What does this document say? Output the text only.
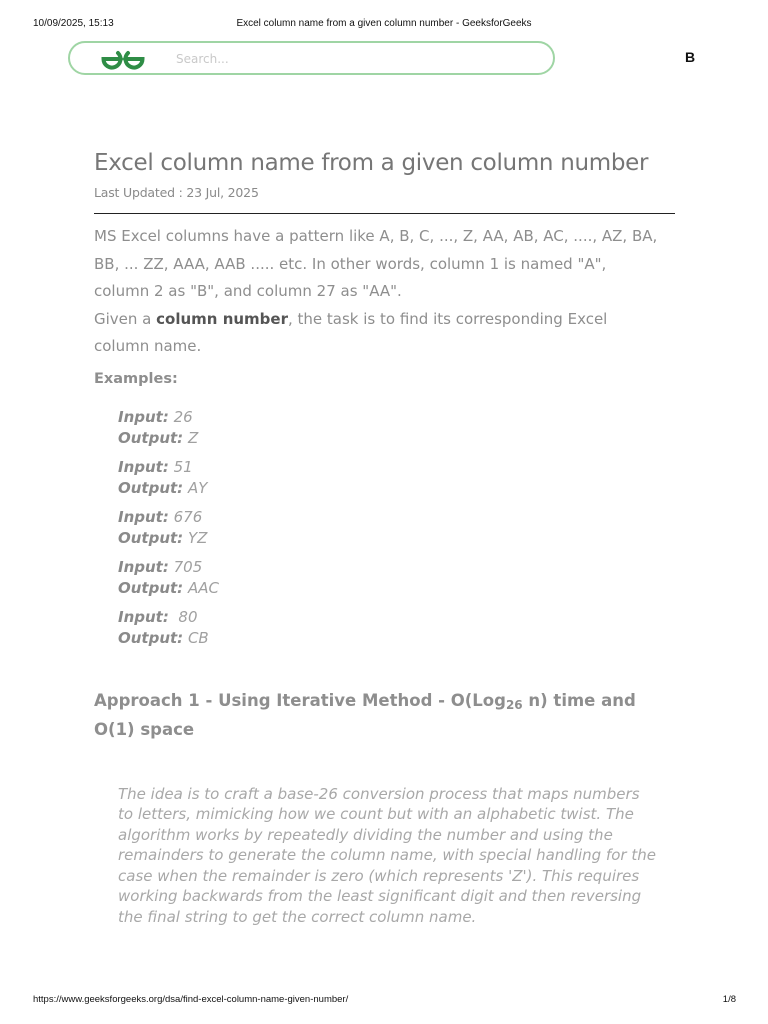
10/09/2025, 15:13	Excel column name from a given column number - GeeksforGeeks
Search...	B
Excel column name from a given column number
Last Updated : 23 Jul, 2025
MS Excel columns have a pattern like A, B, C, ..., Z, AA, AB, AC, ...., AZ, BA, BB, ... ZZ, AAA, AAB ..... etc. In other words, column 1 is named "A", column 2 as "B", and column 27 as "AA".
Given a column number, the task is to find its corresponding Excel column name.
Examples:
Input: 26
Output: Z
Input: 51
Output: AY
Input: 676
Output: YZ
Input: 705
Output: AAC
Input:  80
Output: CB
Approach 1 - Using Iterative Method - O(Log$_{26}$ n) time and O(1) space
The idea is to craft a base-26 conversion process that maps numbers to letters, mimicking how we count but with an alphabetic twist. The algorithm works by repeatedly dividing the number and using the remainders to generate the column name, with special handling for the case when the remainder is zero (which represents 'Z'). This requires working backwards from the least significant digit and then reversing the final string to get the correct column name.
https://www.geeksforgeeks.org/dsa/find-excel-column-name-given-number/	1/8
